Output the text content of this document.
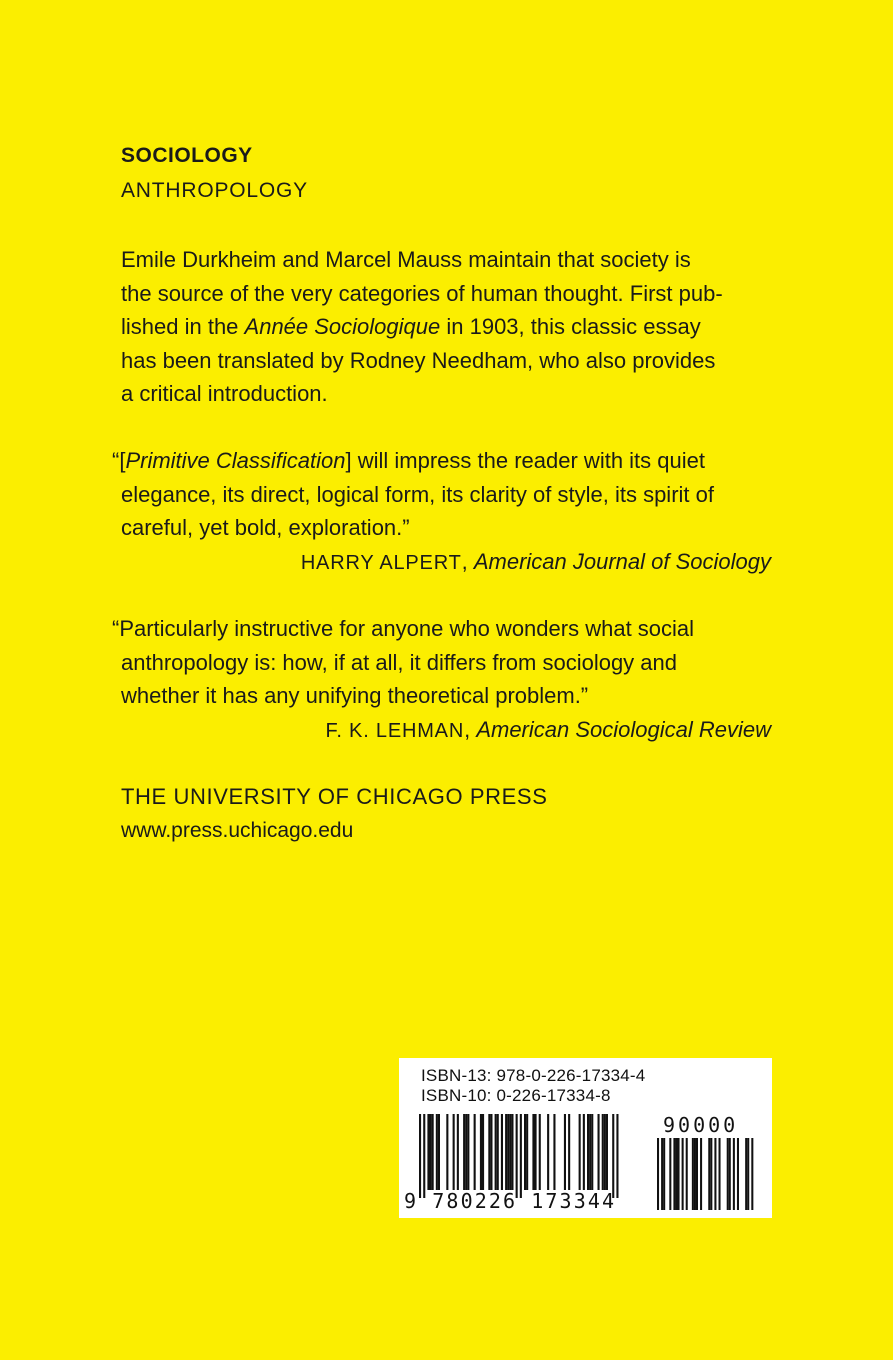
SOCIOLOGY
ANTHROPOLOGY
Emile Durkheim and Marcel Mauss maintain that society is
the source of the very categories of human thought. First pub-
lished in the Année Sociologique in 1903, this classic essay
has been translated by Rodney Needham, who also provides
a critical introduction.
“[Primitive Classification] will impress the reader with its quiet
elegance, its direct, logical form, its clarity of style, its spirit of
careful, yet bold, exploration.”
HARRY ALPERT, American Journal of Sociology
“Particularly instructive for anyone who wonders what social
anthropology is: how, if at all, it differs from sociology and
whether it has any unifying theoretical problem.”
F. K. LEHMAN, American Sociological Review
THE UNIVERSITY OF CHICAGO PRESS
www.press.uchicago.edu
ISBN-13: 978-0-226-17334-4
ISBN-10: 0-226-17334-8
90000
9 780226 173344
